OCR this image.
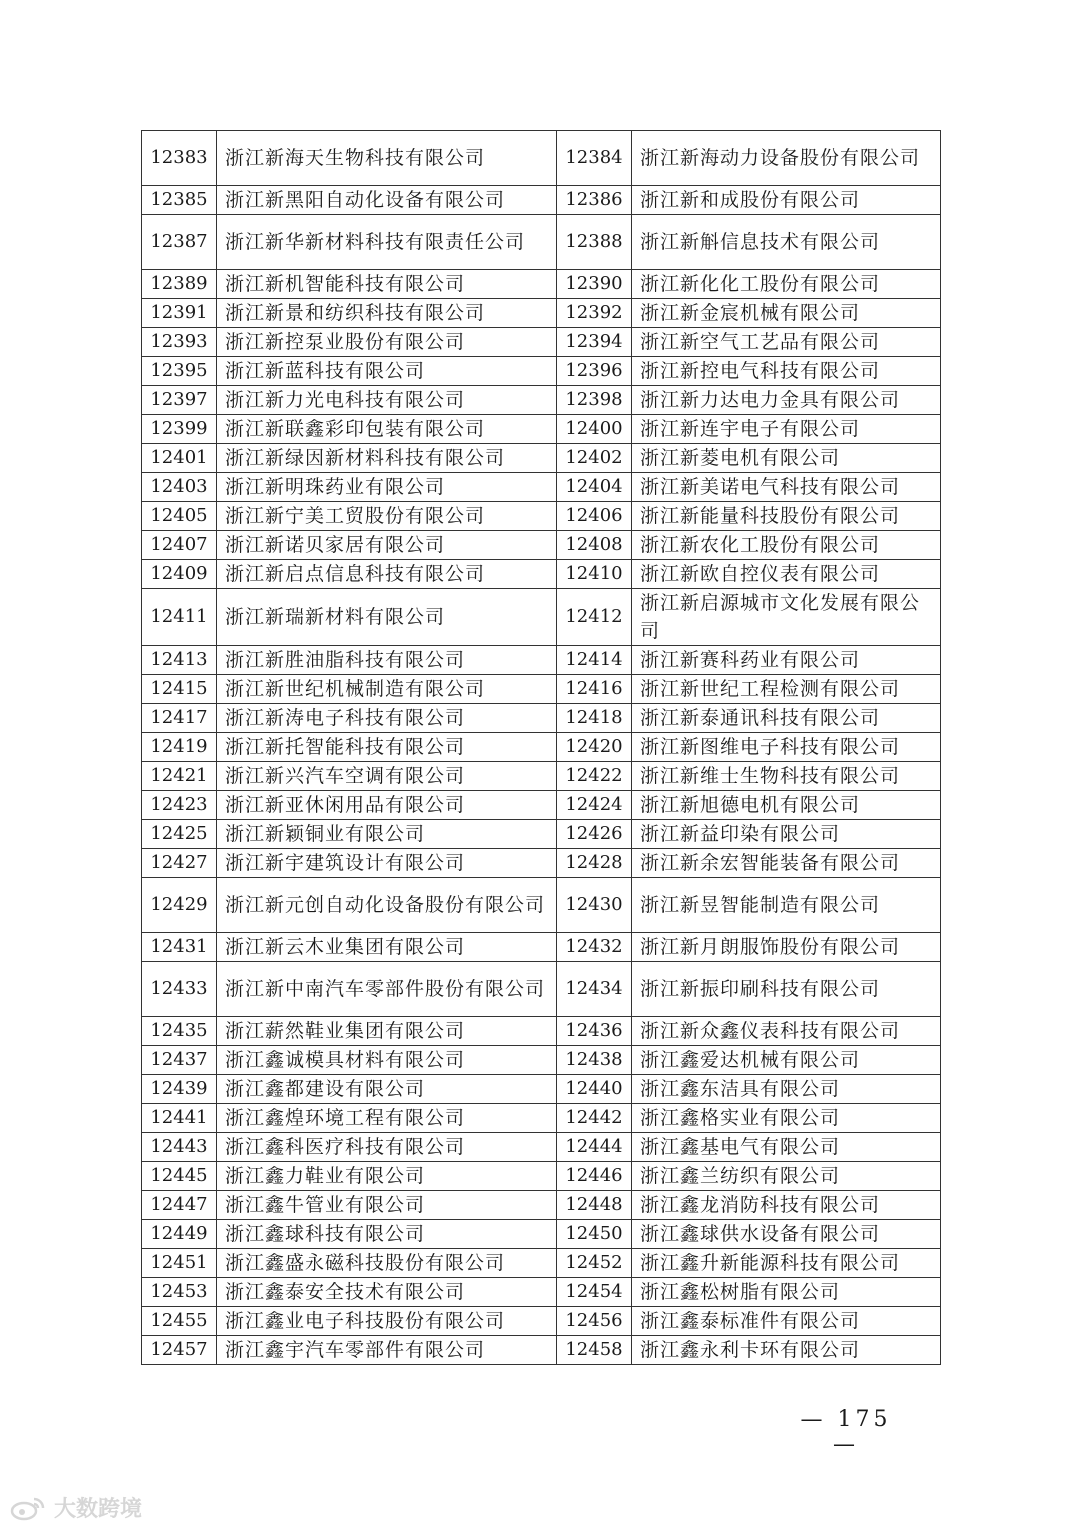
12383	浙江新海天生物科技有限公司	12384	浙江新海动力设备股份有限公司
12385	浙江新黑阳自动化设备有限公司	12386	浙江新和成股份有限公司
12387	浙江新华新材料科技有限责任公司	12388	浙江新斛信息技术有限公司
12389	浙江新机智能科技有限公司	12390	浙江新化化工股份有限公司
12391	浙江新景和纺织科技有限公司	12392	浙江新金宸机械有限公司
12393	浙江新控泵业股份有限公司	12394	浙江新空气工艺品有限公司
12395	浙江新蓝科技有限公司	12396	浙江新控电气科技有限公司
12397	浙江新力光电科技有限公司	12398	浙江新力达电力金具有限公司
12399	浙江新联鑫彩印包装有限公司	12400	浙江新连宇电子有限公司
12401	浙江新绿因新材料科技有限公司	12402	浙江新菱电机有限公司
12403	浙江新明珠药业有限公司	12404	浙江新美诺电气科技有限公司
12405	浙江新宁美工贸股份有限公司	12406	浙江新能量科技股份有限公司
12407	浙江新诺贝家居有限公司	12408	浙江新农化工股份有限公司
12409	浙江新启点信息科技有限公司	12410	浙江新欧自控仪表有限公司
12411	浙江新瑞新材料有限公司	12412	浙江新启源城市文化发展有限公司
12413	浙江新胜油脂科技有限公司	12414	浙江新赛科药业有限公司
12415	浙江新世纪机械制造有限公司	12416	浙江新世纪工程检测有限公司
12417	浙江新涛电子科技有限公司	12418	浙江新泰通讯科技有限公司
12419	浙江新托智能科技有限公司	12420	浙江新图维电子科技有限公司
12421	浙江新兴汽车空调有限公司	12422	浙江新维士生物科技有限公司
12423	浙江新亚休闲用品有限公司	12424	浙江新旭德电机有限公司
12425	浙江新颖铜业有限公司	12426	浙江新益印染有限公司
12427	浙江新宇建筑设计有限公司	12428	浙江新余宏智能装备有限公司
12429	浙江新元创自动化设备股份有限公司	12430	浙江新昱智能制造有限公司
12431	浙江新云木业集团有限公司	12432	浙江新月朗服饰股份有限公司
12433	浙江新中南汽车零部件股份有限公司	12434	浙江新振印刷科技有限公司
12435	浙江薪然鞋业集团有限公司	12436	浙江新众鑫仪表科技有限公司
12437	浙江鑫诚模具材料有限公司	12438	浙江鑫爱达机械有限公司
12439	浙江鑫都建设有限公司	12440	浙江鑫东洁具有限公司
12441	浙江鑫煌环境工程有限公司	12442	浙江鑫格实业有限公司
12443	浙江鑫科医疗科技有限公司	12444	浙江鑫基电气有限公司
12445	浙江鑫力鞋业有限公司	12446	浙江鑫兰纺织有限公司
12447	浙江鑫牛管业有限公司	12448	浙江鑫龙消防科技有限公司
12449	浙江鑫球科技有限公司	12450	浙江鑫球供水设备有限公司
12451	浙江鑫盛永磁科技股份有限公司	12452	浙江鑫升新能源科技有限公司
12453	浙江鑫泰安全技术有限公司	12454	浙江鑫松树脂有限公司
12455	浙江鑫业电子科技股份有限公司	12456	浙江鑫泰标准件有限公司
12457	浙江鑫宇汽车零部件有限公司	12458	浙江鑫永利卡环有限公司
— 175 —
大数跨境
